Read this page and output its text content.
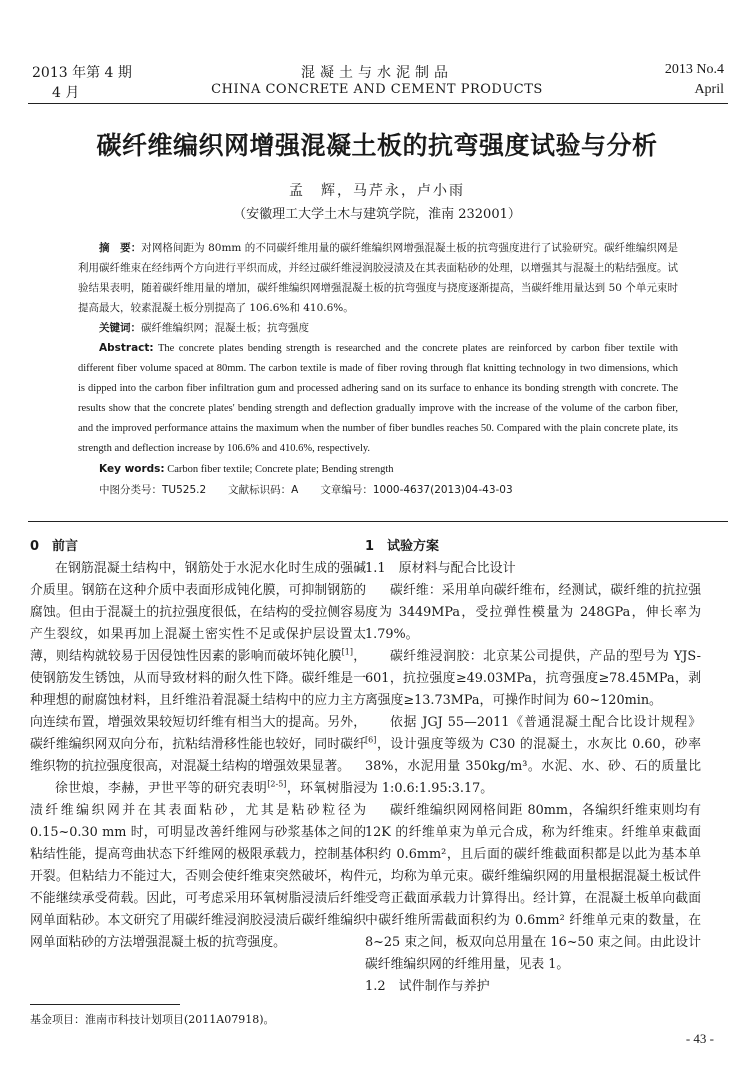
2013 年第 4 期
4 月
混凝土与水泥制品
CHINA CONCRETE AND CEMENT PRODUCTS
2013 No.4
April
碳纤维编织网增强混凝土板的抗弯强度试验与分析
孟　辉，马芹永，卢小雨
（安徽理工大学土木与建筑学院，淮南 232001）

摘　要：对网格间距为 80mm 的不同碳纤维用量的碳纤维编织网增强混凝土板的抗弯强度进行了试验研究。碳纤维编织网是利用碳纤维束在经纬两个方向进行平织而成，并经过碳纤维浸润胶浸渍及在其表面粘砂的处理，以增强其与混凝土的粘结强度。试验结果表明，随着碳纤维用量的增加，碳纤维编织网增强混凝土板的抗弯强度与挠度逐渐提高，当碳纤维用量达到 50 个单元束时提高最大，较素混凝土板分别提高了 106.6%和 410.6%。

关键词：碳纤维编织网；混凝土板；抗弯强度

Abstract: The concrete plates bending strength is researched and the concrete plates are reinforced by carbon fiber textile with different fiber volume spaced at 80mm. The carbon textile is made of fiber roving through flat knitting technology in two dimensions, which is dipped into the carbon fiber infiltration gum and processed adhering sand on its surface to enhance its bonding strength with concrete. The results show that the concrete plates' bending strength and deflection gradually improve with the increase of the volume of the carbon fiber, and the improved performance attains the maximum when the number of fiber bundles reaches 50. Compared with the plain concrete plate, its strength and deflection increase by 106.6% and 410.6%, respectively.

Key words: Carbon fiber textile; Concrete plate; Bending strength

中图分类号：TU525.2 文献标识码：A 文章编号：1000-4637(2013)04-43-03

0　前言

在钢筋混凝土结构中，钢筋处于水泥水化时生成的强碱介质里。钢筋在这种介质中表面形成钝化膜，可抑制钢筋的腐蚀。但由于混凝土的抗拉强度很低，在结构的受拉侧容易产生裂纹，如果再加上混凝土密实性不足或保护层设置太薄，则结构就较易于因侵蚀性因素的影响而破坏钝化膜[1]，使钢筋发生锈蚀，从而导致材料的耐久性下降。碳纤维是一种理想的耐腐蚀材料，且纤维沿着混凝土结构中的应力主方向连续布置，增强效果较短切纤维有相当大的提高。另外，碳纤维编织网双向分布，抗粘结滑移性能也较好，同时碳纤维织物的抗拉强度很高，对混凝土结构的增强效果显著。

徐世烺，李赫，尹世平等的研究表明[2-5]，环氧树脂浸渍纤维编织网并在其表面粘砂，尤其是粘砂粒径为 0.15~0.30 mm 时，可明显改善纤维网与砂浆基体之间的粘结性能，提高弯曲状态下纤维网的极限承载力，控制基体开裂。但粘结力不能过大，否则会使纤维束突然破坏，构件不能继续承受荷载。因此，可考虑采用环氧树脂浸渍后纤维网单面粘砂。本文研究了用碳纤维浸润胶浸渍后碳纤维编织网单面粘砂的方法增强混凝土板的抗弯强度。

1　试验方案
1.1　原材料与配合比设计

碳纤维：采用单向碳纤维布，经测试，碳纤维的抗拉强度为 3449MPa，受拉弹性模量为 248GPa，伸长率为 1.79%。

碳纤维浸润胶：北京某公司提供，产品的型号为 YJS-601，抗拉强度≥49.03MPa，抗弯强度≥78.45MPa，剥离强度≥13.73MPa，可操作时间为 60~120min。

依据 JGJ 55—2011《普通混凝土配合比设计规程》[6]，设计强度等级为 C30 的混凝土，水灰比 0.60，砂率 38%，水泥用量 350kg/m³。水泥、水、砂、石的质量比为 1:0.6:1.95:3.17。

碳纤维编织网网格间距 80mm，各编织纤维束则均有 12K 的纤维单束为单元合成，称为纤维束。纤维单束截面积约 0.6mm²，且后面的碳纤维截面积都是以此为基本单元，均称为单元束。碳纤维编织网的用量根据混凝土板试件受弯正截面承载力计算得出。经计算，在混凝土板单向截面中碳纤维所需截面积约为 0.6mm² 纤维单元束的数量，在 8~25 束之间，板双向总用量在 16~50 束之间。由此设计碳纤维编织网的纤维用量，见表 1。

1.2　试件制作与养护
基金项目：淮南市科技计划项目(2011A07918)。
- 43 -
